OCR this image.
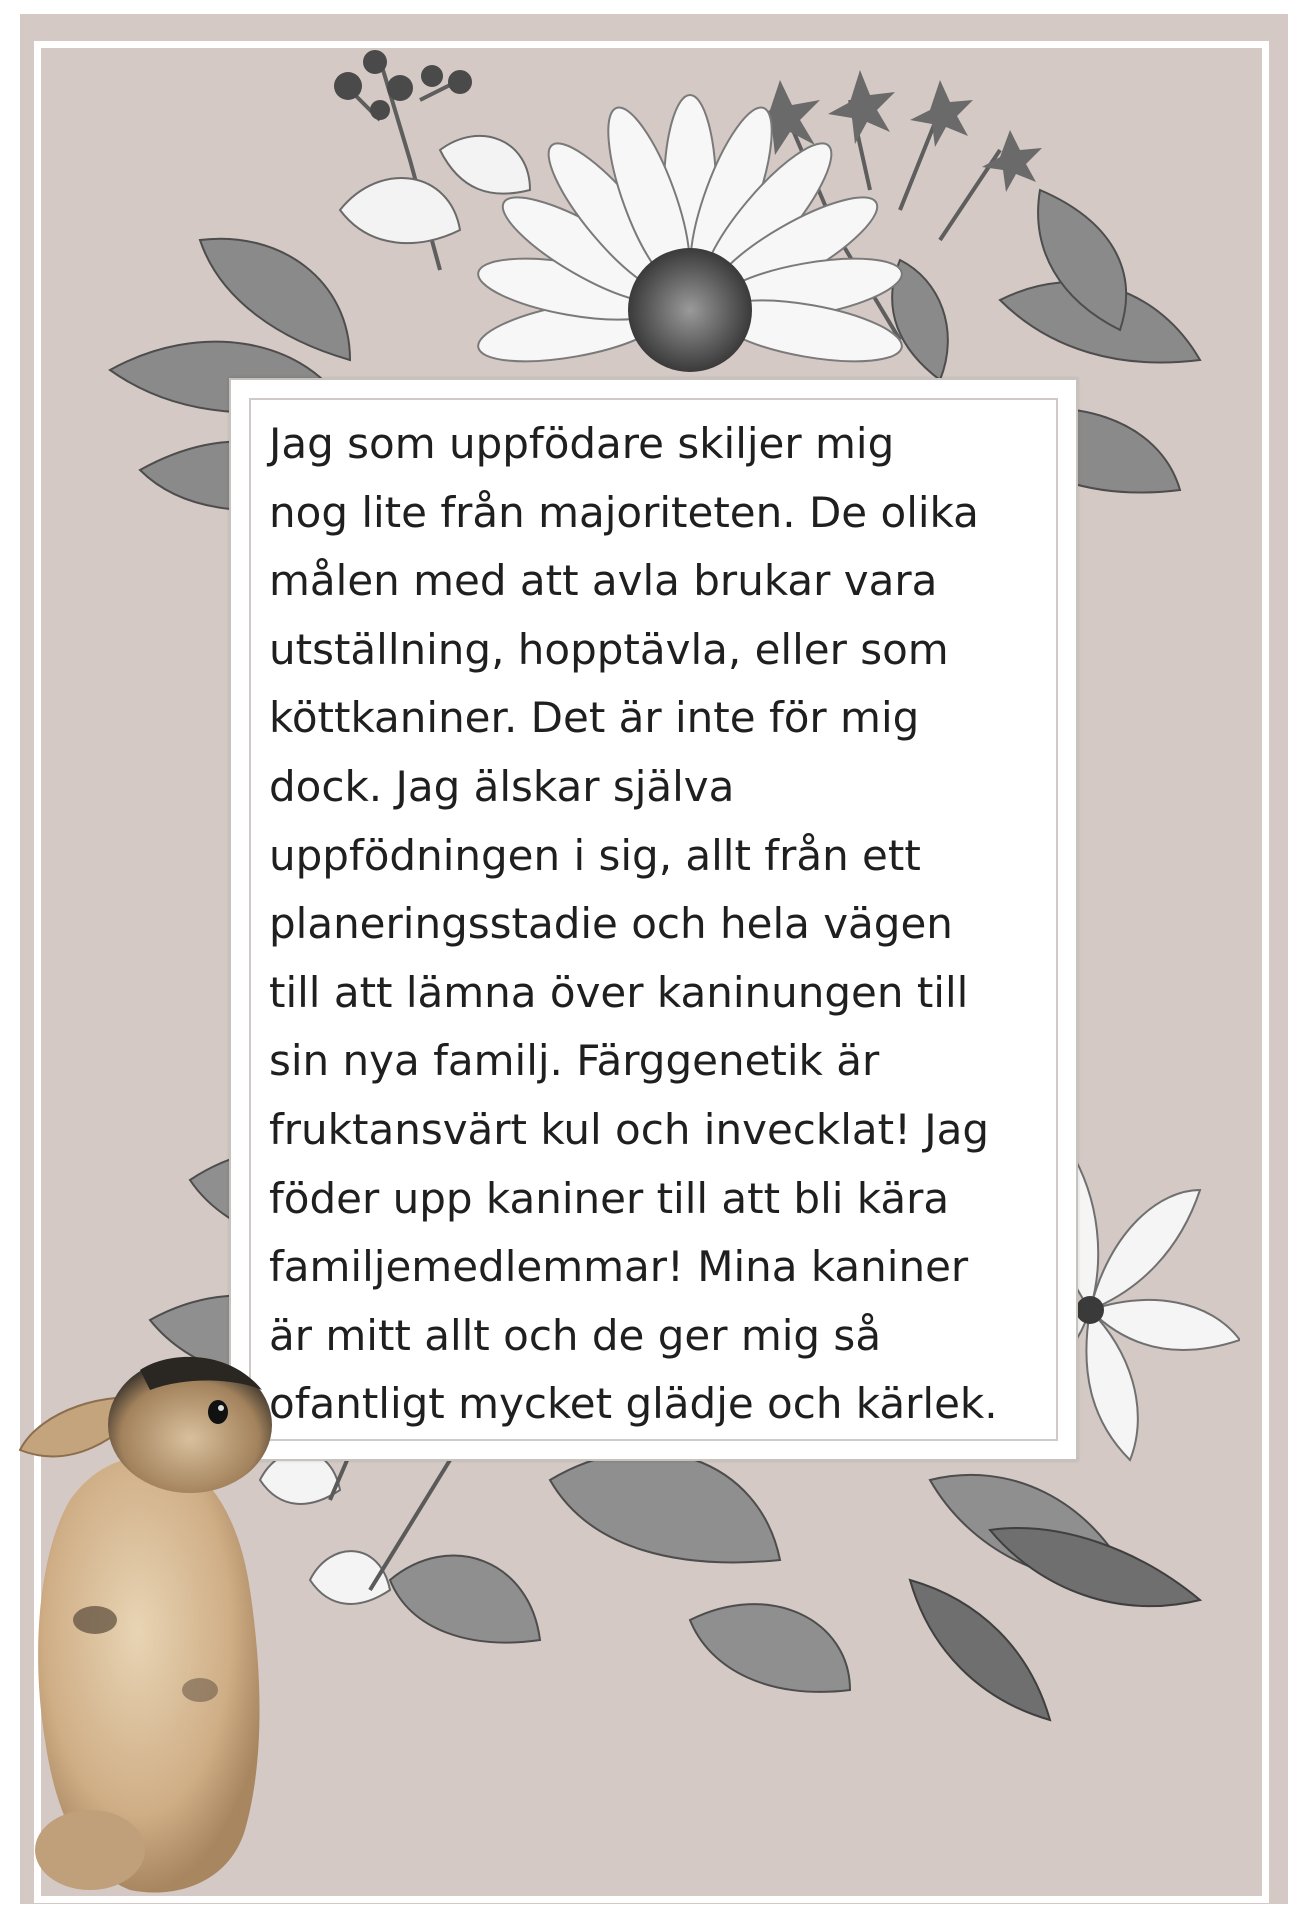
Jag som uppfödare skiljer mig
nog lite från majoriteten. De olika
målen med att avla brukar vara
utställning, hopptävla, eller som
köttkaniner. Det är inte för mig
dock. Jag älskar själva
uppfödningen i sig, allt från ett
planeringsstadie och hela vägen
till att lämna över kaninungen till
sin nya familj. Färggenetik är
fruktansvärt kul och invecklat! Jag
föder upp kaniner till att bli kära
familjemedlemmar! Mina kaniner
är mitt allt och de ger mig så
ofantligt mycket glädje och kärlek.
